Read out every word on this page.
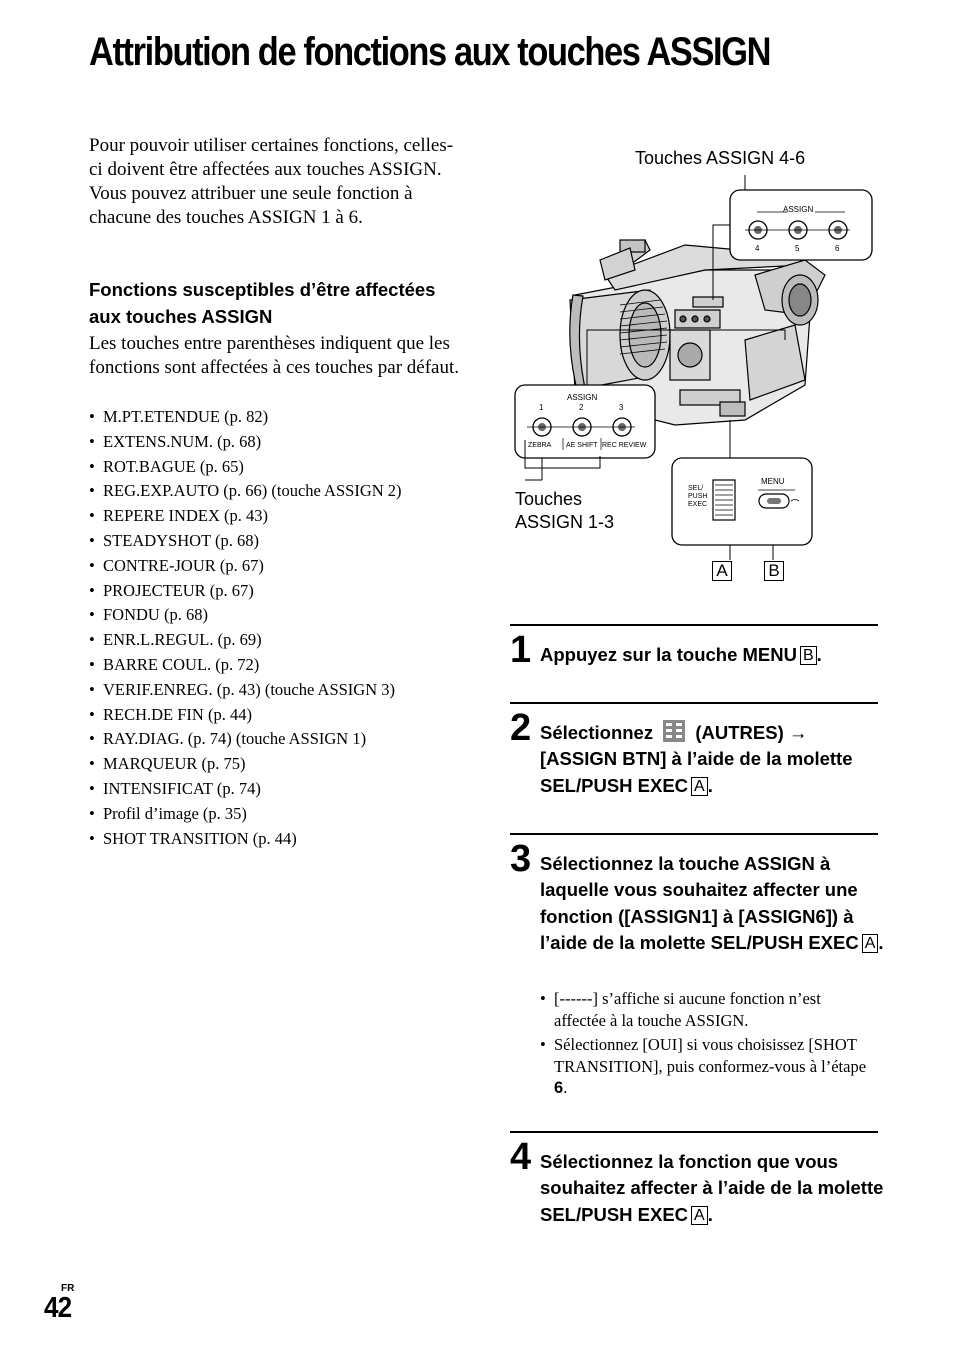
Attribution de fonctions aux touches ASSIGN

Pour pouvoir utiliser certaines fonctions, celles-ci doivent être affectées aux touches ASSIGN. Vous pouvez attribuer une seule fonction à chacune des touches ASSIGN 1 à 6.

Fonctions susceptibles d’être affectées aux touches ASSIGN

Les touches entre parenthèses indiquent que les fonctions sont affectées à ces touches par défaut.

• M.PT.ETENDUE (p. 82)
• EXTENS.NUM. (p. 68)
• ROT.BAGUE (p. 65)
• REG.EXP.AUTO (p. 66) (touche ASSIGN 2)
• REPERE INDEX (p. 43)
• STEADYSHOT (p. 68)
• CONTRE-JOUR (p. 67)
• PROJECTEUR (p. 67)
• FONDU (p. 68)
• ENR.L.REGUL. (p. 69)
• BARRE COUL. (p. 72)
• VERIF.ENREG. (p. 43) (touche ASSIGN 3)
• RECH.DE FIN (p. 44)
• RAY.DIAG. (p. 74) (touche ASSIGN 1)
• MARQUEUR (p. 75)
• INTENSIFICAT (p. 74)
• Profil d’image (p. 35)
• SHOT TRANSITION (p. 44)
Touches ASSIGN 4-6
ASSIGN
4	5	6
ASSIGN
1	2	3
ZEBRA AE SHIFT REC REVIEW
SEL/
PUSH
EXEC
MENU
Touches
ASSIGN 1-3
A B
1 Appuyez sur la touche MENU B .
2 Sélectionnez (AUTRES) → [ASSIGN BTN] à l’aide de la molette SEL/PUSH EXEC A .
3 Sélectionnez la touche ASSIGN à laquelle vous souhaitez affecter une fonction ([ASSIGN1] à [ASSIGN6]) à l’aide de la molette SEL/PUSH EXEC A .
• [------] s’affiche si aucune fonction n’est affectée à la touche ASSIGN.
• Sélectionnez [OUI] si vous choisissez [SHOT TRANSITION], puis conformez-vous à l’étape 6.
4 Sélectionnez la fonction que vous souhaitez affecter à l’aide de la molette SEL/PUSH EXEC A .
FR
42
